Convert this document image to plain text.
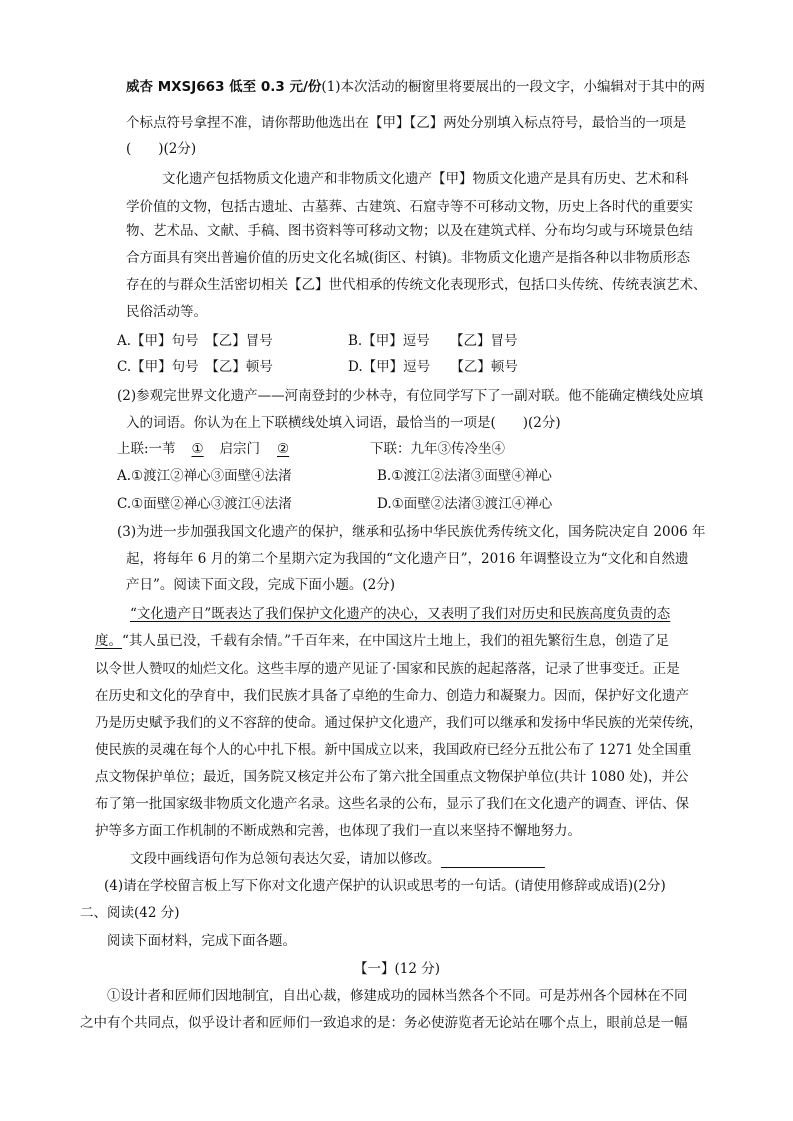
威杏 MXSJ663 低至 0.3 元/份(1)本次活动的橱窗里将要展出的一段文字，小编辑对于其中的两
个标点符号拿捏不准，请你帮助他选出在【甲】【乙】两处分别填入标点符号，最恰当的一项是
(　　)(2分)
文化遗产包括物质文化遗产和非物质文化遗产【甲】物质文化遗产是具有历史、艺术和科
学价值的文物，包括古遗址、古墓葬、古建筑、石窟寺等不可移动文物，历史上各时代的重要实
物、艺术品、文献、手稿、图书资料等可移动文物；以及在建筑式样、分布均匀或与环境景色结
合方面具有突出普遍价值的历史文化名城(街区、村镇)。非物质文化遗产是指各种以非物质形态
存在的与群众生活密切相关【乙】世代相承的传统文化表现形式，包括口头传统、传统表演艺术、
民俗活动等。
A.【甲】句号　【乙】冒号	B.【甲】逗号　　【乙】冒号
C.【甲】句号　【乙】顿号	D.【甲】逗号　　【乙】顿号
(2)参观完世界文化遗产——河南登封的少林寺，有位同学写下了一副对联。他不能确定横线处应填
入的词语。你认为在上下联横线处填入词语，最恰当的一项是(　　)(2分)
上联:一苇 ① 启宗门 ②	下联：九年③传冷坐④
A.①渡江②禅心③面壁④法渚	B.①渡江②法渚③面壁④禅心
C.①面壁②禅心③渡江④法渚	D.①面壁②法渚③渡江④禅心
(3)为进一步加强我国文化遗产的保护，继承和弘扬中华民族优秀传统文化，国务院决定自 2006 年
起，将每年 6 月的第二个星期六定为我国的“文化遗产日”，2016 年调整设立为“文化和自然遗
产日”。阅读下面文段，完成下面小题。(2分)
“文化遗产日”既表达了我们保护文化遗产的决心，又表明了我们对历史和民族高度负责的态
度。“其人虽已没，千载有余情。”千百年来，在中国这片土地上，我们的祖先繁衍生息，创造了足
以令世人赞叹的灿烂文化。这些丰厚的遗产见证了·国家和民族的起起落落，记录了世事变迁。正是
在历史和文化的孕育中，我们民族才具备了卓绝的生命力、创造力和凝聚力。因而，保护好文化遗产
乃是历史赋予我们的义不容辞的使命。通过保护文化遗产，我们可以继承和发扬中华民族的光荣传统，
使民族的灵魂在每个人的心中扎下根。新中国成立以来，我国政府已经分五批公布了 1271 处全国重
点文物保护单位；最近，国务院又核定并公布了第六批全国重点文物保护单位(共计 1080 处)，并公
布了第一批国家级非物质文化遗产名录。这些名录的公布，显示了我们在文化遗产的调查、评估、保
护等多方面工作机制的不断成熟和完善，也体现了我们一直以来坚持不懈地努力。
文段中画线语句作为总领句表达欠妥，请加以修改。
(4)请在学校留言板上写下你对文化遗产保护的认识或思考的一句话。(请使用修辞或成语)(2分)
二、阅读(42 分)
阅读下面材料，完成下面各题。
【一】(12 分)
①设计者和匠师们因地制宜，自出心裁，修建成功的园林当然各个不同。可是苏州各个园林在不同
之中有个共同点，似乎设计者和匠师们一致追求的是：务必使游览者无论站在哪个点上，眼前总是一幅
